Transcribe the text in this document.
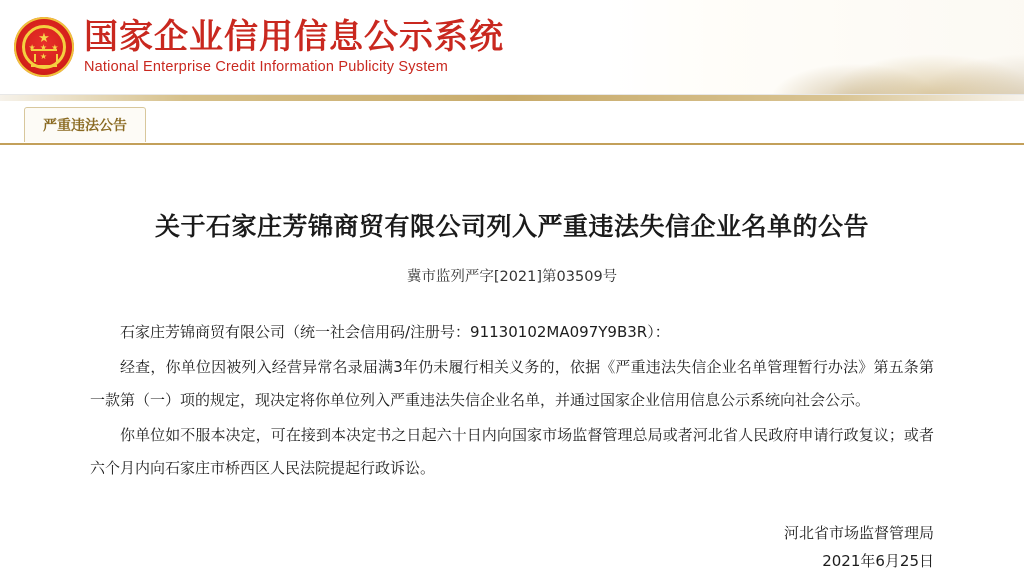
★
★ ★ ★ ★	国家企业信用信息公示系统
National Enterprise Credit Information Publicity System
严重违法公告
关于石家庄芳锦商贸有限公司列入严重违法失信企业名单的公告
冀市监列严字[2021]第03509号

石家庄芳锦商贸有限公司（统一社会信用码/注册号：91130102MA097Y9B3R）：

经查，你单位因被列入经营异常名录届满3年仍未履行相关义务的，依据《严重违法失信企业名单管理暂行办法》第五条第一款第（一）项的规定，现决定将你单位列入严重违法失信企业名单，并通过国家企业信用信息公示系统向社会公示。

你单位如不服本决定，可在接到本决定书之日起六十日内向国家市场监督管理总局或者河北省人民政府申请行政复议；或者六个月内向石家庄市桥西区人民法院提起行政诉讼。

河北省市场监督管理局
2021年6月25日
